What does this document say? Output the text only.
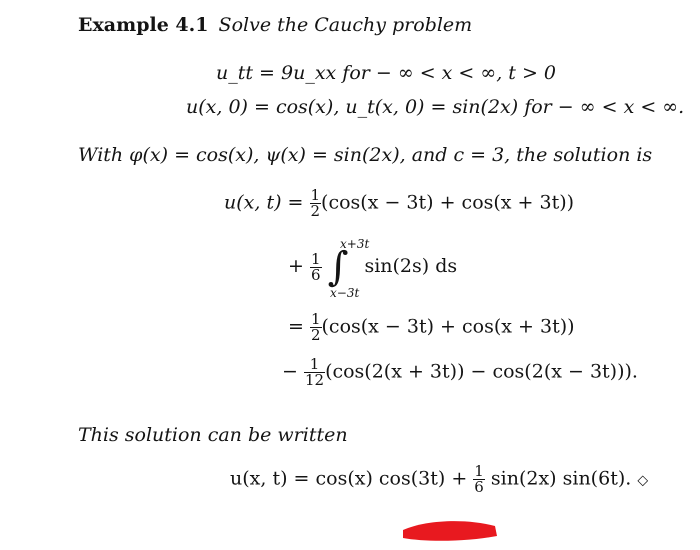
Example 4.1 Solve the Cauchy problem
u_tt = 9u_xx for − ∞ < x < ∞, t > 0
u(x, 0) = cos(x), u_t(x, 0) = sin(2x) for − ∞ < x < ∞.
With φ(x) = cos(x), ψ(x) = sin(2x), and c = 3, the solution is
u(x, $t) = \frac{1}{2} (\cos(x - 3t) + \cos(x + 3t))$
+ $\frac{1}{6}$ ∫ sin(2s) ds
x+3t
x−3t
= $\frac{1}{2} (\cos(x - 3t) + \cos(x + 3t))$
− $\frac{1}{12} (\cos(2(x + 3t)) - \cos(2(x - 3t)))$.
This solution can be written
u(x, t) = cos(x) $\cos(3t) + \frac{1}{6} \sin(2x)$ sin(6t). ◇
